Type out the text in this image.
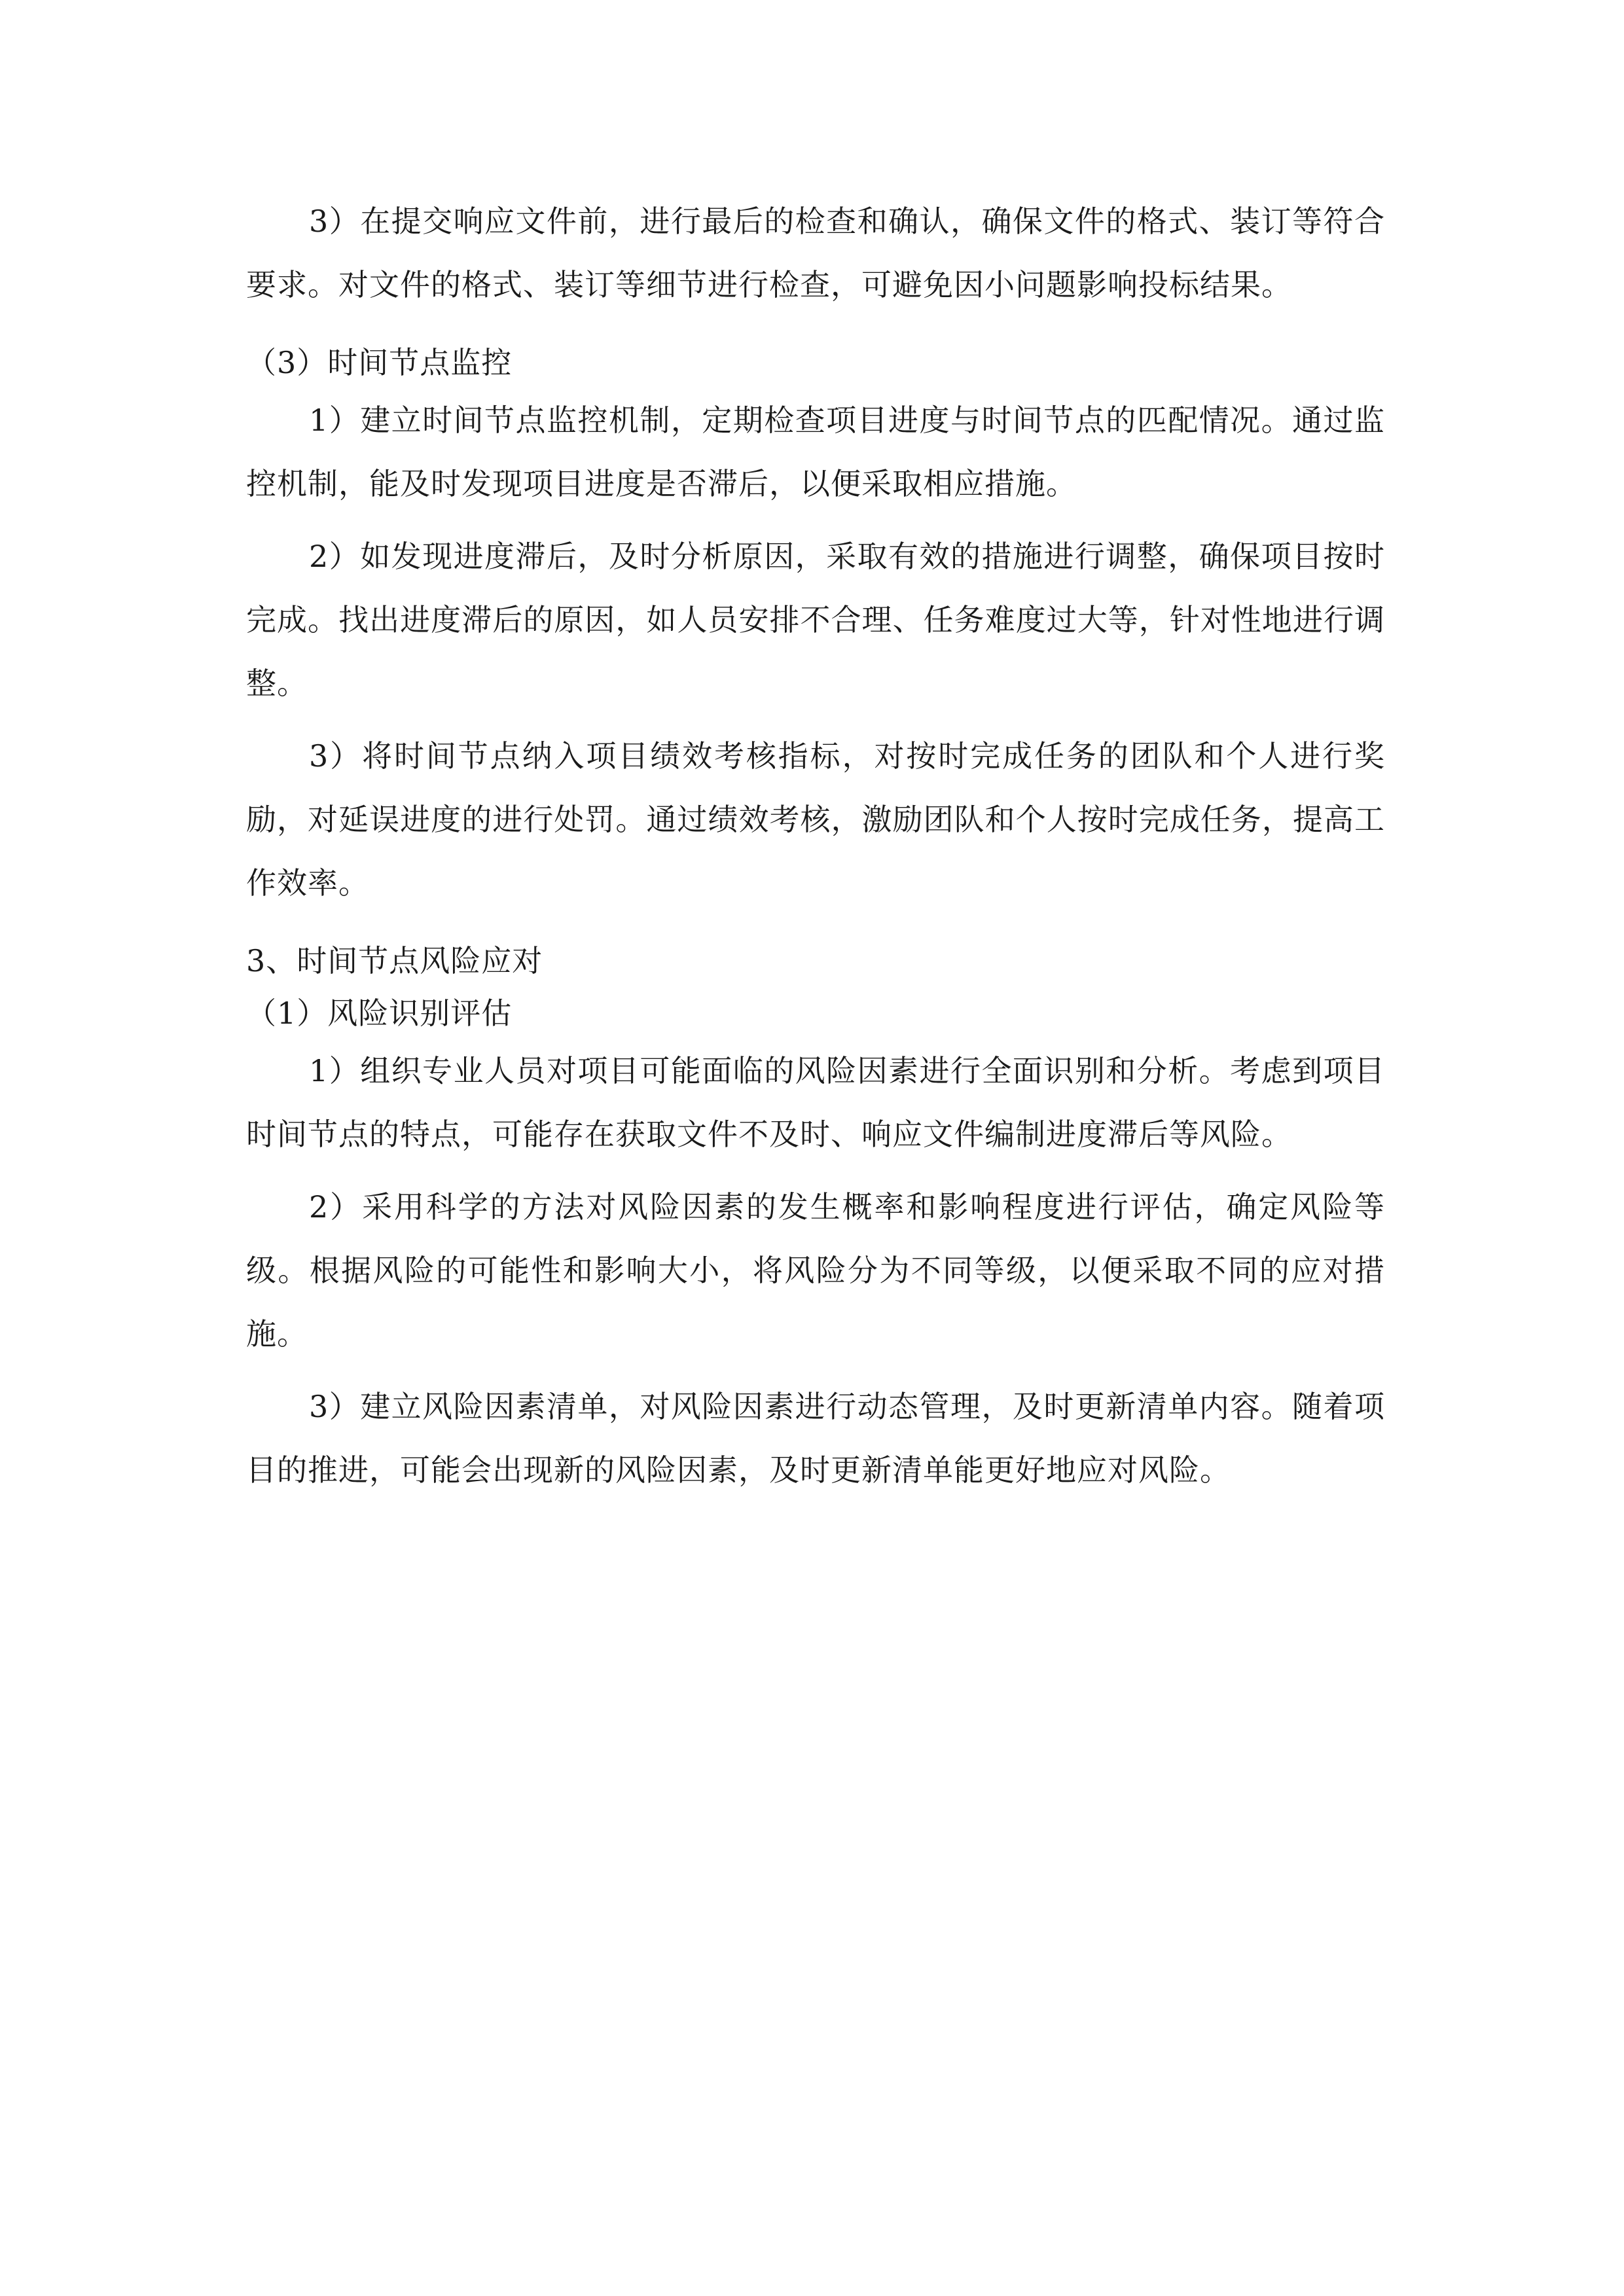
3）在提交响应文件前，进行最后的检查和确认，确保文件的格式、装订等符合要求。对文件的格式、装订等细节进行检查，可避免因小问题影响投标结果。

（3）时间节点监控

1）建立时间节点监控机制，定期检查项目进度与时间节点的匹配情况。通过监控机制，能及时发现项目进度是否滞后，以便采取相应措施。

2）如发现进度滞后，及时分析原因，采取有效的措施进行调整，确保项目按时完成。找出进度滞后的原因，如人员安排不合理、任务难度过大等，针对性地进行调整。

3）将时间节点纳入项目绩效考核指标，对按时完成任务的团队和个人进行奖励，对延误进度的进行处罚。通过绩效考核，激励团队和个人按时完成任务，提高工作效率。

3、时间节点风险应对

（1）风险识别评估

1）组织专业人员对项目可能面临的风险因素进行全面识别和分析。考虑到项目时间节点的特点，可能存在获取文件不及时、响应文件编制进度滞后等风险。

2）采用科学的方法对风险因素的发生概率和影响程度进行评估，确定风险等级。根据风险的可能性和影响大小，将风险分为不同等级，以便采取不同的应对措施。

3）建立风险因素清单，对风险因素进行动态管理，及时更新清单内容。随着项目的推进，可能会出现新的风险因素，及时更新清单能更好地应对风险。
